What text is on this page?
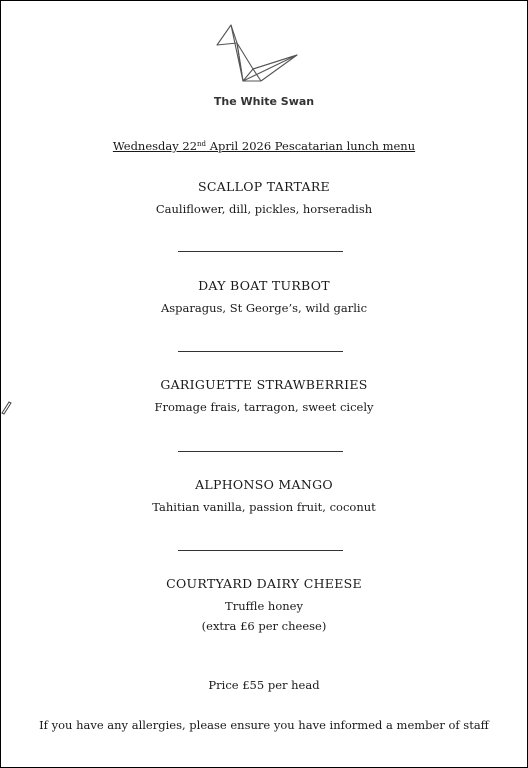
The White Swan
Wednesday 22nd April 2026 Pescatarian lunch menu
SCALLOP TARTARE
Cauliflower, dill, pickles, horseradish
DAY BOAT TURBOT
Asparagus, St George’s, wild garlic
GARIGUETTE STRAWBERRIES
Fromage frais, tarragon, sweet cicely
ALPHONSO MANGO
Tahitian vanilla, passion fruit, coconut
COURTYARD DAIRY CHEESE
Truffle honey
(extra £6 per cheese)
Price £55 per head
If you have any allergies, please ensure you have informed a member of staff
